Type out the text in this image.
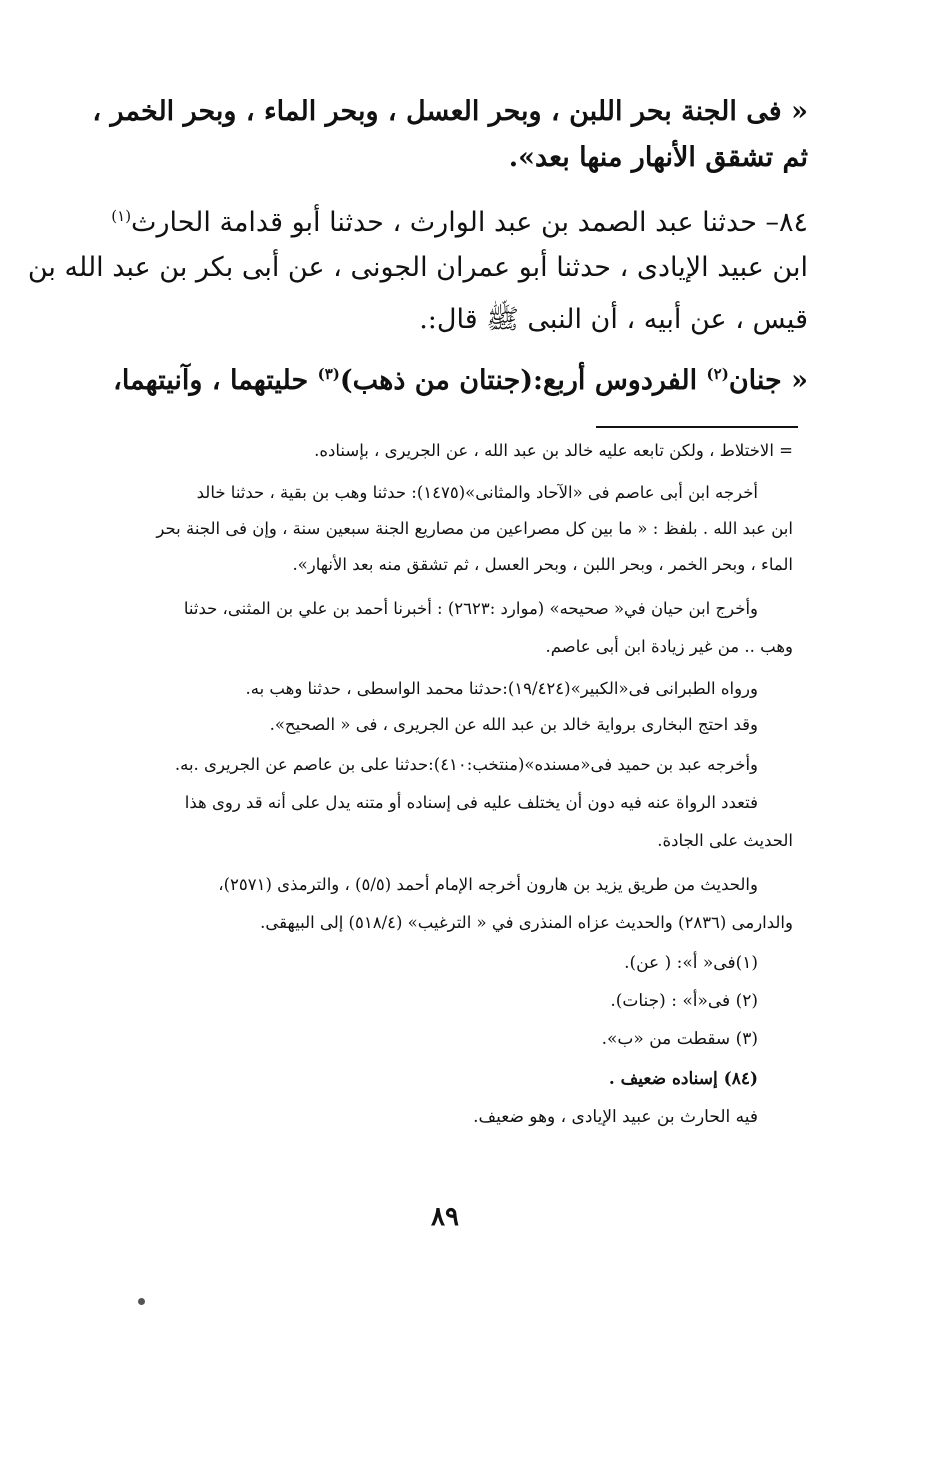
« فى الجنة بحر اللبن ، وبحر العسل ، وبحر الماء ، وبحر الخمر ،
ثم تشقق الأنهار منها بعد».
٨٤– حدثنا عبد الصمد بن عبد الوارث ، حدثنا أبو قدامة الحارث$^{(١)}$
ابن عبيد الإيادى ، حدثنا أبو عمران الجونى ، عن أبى بكر بن عبد الله بن
قيس ، عن أبيه ، أن النبى ﷺ قال:.
« جنان$^{(٢)}$ الفردوس أربع:(جنتان من ذهب)$^{(٣)}$ حليتهما ، وآنيتهما،
= الاختلاط ، ولكن تابعه عليه خالد بن عبد الله ، عن الجريرى ، بإسناده.
أخرجه ابن أبى عاصم فى «الآحاد والمثانى»(١٤٧٥): حدثنا وهب بن بقية ، حدثنا خالد
ابن عبد الله . بلفظ : « ما بين كل مصراعين من مصاريع الجنة سبعين سنة ، وإن فى الجنة بحر
الماء ، وبحر الخمر ، وبحر اللبن ، وبحر العسل ، ثم تشقق منه بعد الأنهار».
وأخرج ابن حيان في« صحيحه» (موارد :٢٦٢٣) : أخبرنا أحمد بن علي بن المثنى، حدثنا
وهب .. من غير زيادة ابن أبى عاصم.
ورواه الطبرانى فى«الكبير»(١٩/٤٢٤):حدثنا محمد الواسطى ، حدثنا وهب به.
وقد احتج البخارى برواية خالد بن عبد الله عن الجريرى ، فى « الصحيح».
وأخرجه عبد بن حميد فى«مسنده»(منتخب:٤١٠):حدثنا على بن عاصم عن الجريرى .به.
فتعدد الرواة عنه فيه دون أن يختلف عليه فى إسناده أو متنه يدل على أنه قد روى هذا
الحديث على الجادة.
والحديث من طريق يزيد بن هارون أخرجه الإمام أحمد (٥/٥) ، والترمذى (٢٥٧١)،
والدارمى (٢٨٣٦) والحديث عزاه المنذرى في « الترغيب» (٥١٨/٤) إلى البيهقى.
(١)فى« أ»: ( عن).
(٢) فى«أ» : (جنات).
(٣) سقطت من «ب».
(٨٤) إسناده ضعيف .
فيه الحارث بن عبيد الإيادى ، وهو ضعيف.
٨٩
